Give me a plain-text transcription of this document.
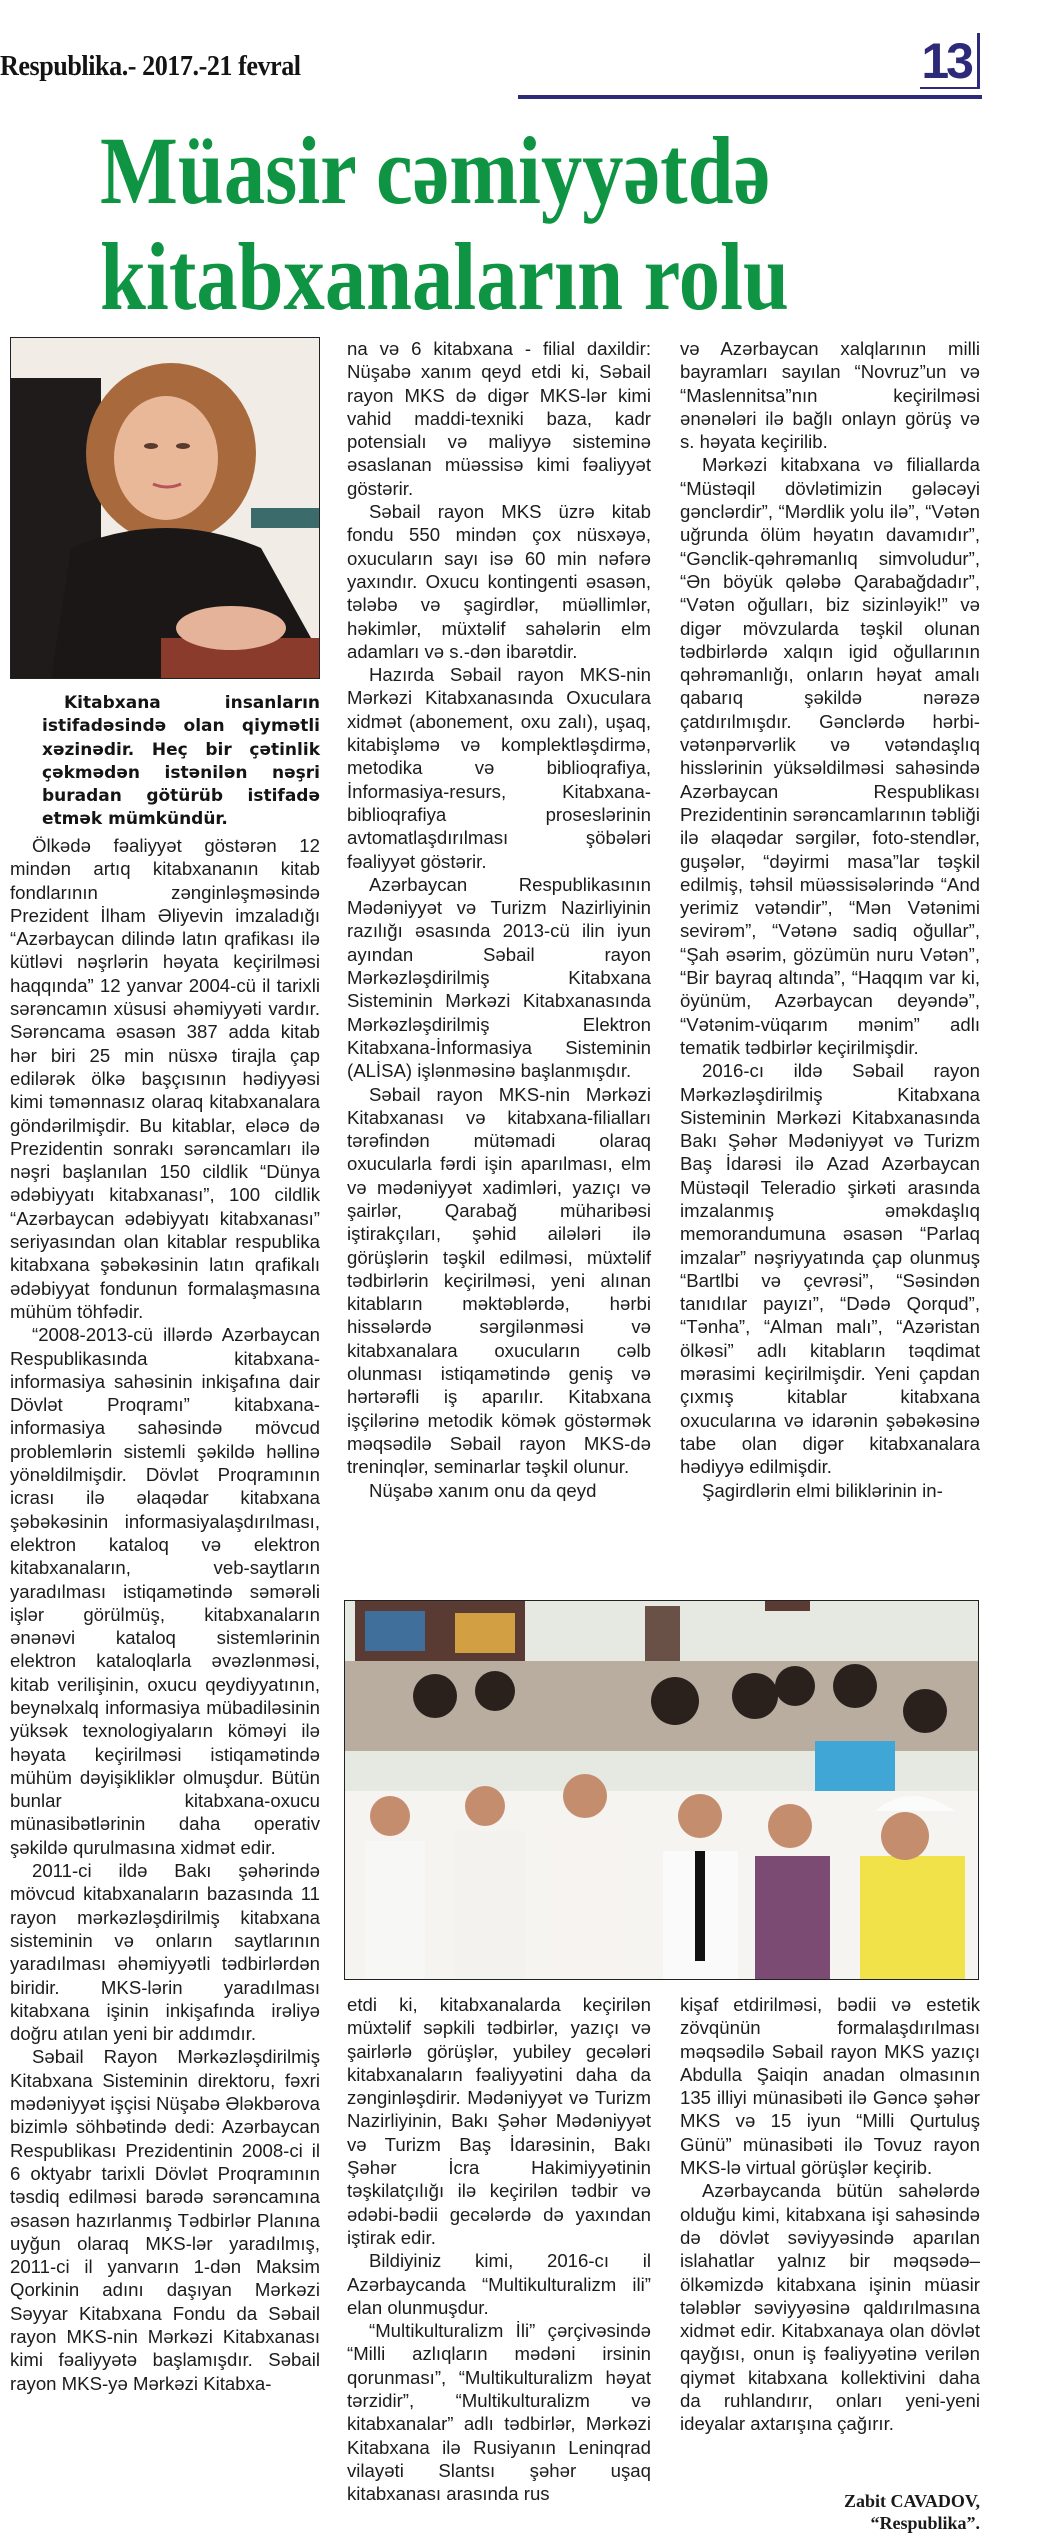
Respublika.- 2017.-21 fevral	13
Müasir cəmiyyətdə
kitabxanaların rolu
Kitabxana insanların istifadəsində olan qiymətli xəzinədir. Heç bir çətinlik çəkmədən istənilən nəşri buradan götürüb istifadə etmək mümkündür.

Ölkədə fəaliyyət göstərən 12 mindən artıq kitabxananın kitab fondlarının zənginləşməsində Prezident İlham Əliyevin imzaladığı “Azərbaycan dilində latın qrafikası ilə kütləvi nəşrlərin həyata keçirilməsi haqqında” 12 yanvar 2004-cü il tarixli sərəncamın xüsusi əhəmiyyəti vardır. Sərəncama əsasən 387 adda kitab hər biri 25 min nüsxə tirajla çap edilərək ölkə başçısının hədiyyəsi kimi təmənnasız olaraq kitabxanalara göndərilmişdir. Bu kitablar, eləcə də Prezidentin sonrakı sərəncamları ilə nəşri başlanılan 150 cildlik “Dünya ədəbiyyatı kitabxanası”, 100 cildlik “Azərbaycan ədəbiyyatı kitabxanası” seriyasından olan kitablar respublika kitabxana şəbəkəsinin latın qrafikalı ədəbiyyat fondunun formalaşmasına mühüm töhfədir.

“2008-2013-cü illərdə Azərbaycan Respublikasında kitabxana-informasiya sahəsinin inkişafına dair Dövlət Proqramı” kitabxana-informasiya sahəsində mövcud problemlərin sistemli şəkildə həllinə yönəldilmişdir. Dövlət Proqramının icrası ilə əlaqədar kitabxana şəbəkəsinin informasiyalaşdırılması, elektron kataloq və elektron kitabxanaların, veb-saytların yaradılması istiqamətində səmərəli işlər görülmüş, kitabxanaların ənənəvi kataloq sistemlərinin elektron kataloqlarla əvəzlənməsi, kitab verilişinin, oxucu qeydiyyatının, beynəlxalq informasiya mübadiləsinin yüksək texnologiyaların köməyi ilə həyata keçirilməsi istiqamətində mühüm dəyişikliklər olmuşdur. Bütün bunlar kitabxana-oxucu münasibətlərinin daha operativ şəkildə qurulmasına xidmət edir.

2011-ci ildə Bakı şəhərində mövcud kitabxanaların bazasında 11 rayon mərkəzləşdirilmiş kitabxana sisteminin və onların saytlarının yaradılması əhəmiyyətli tədbirlərdən biridir. MKS-lərin yaradılması kitabxana işinin inkişafında irəliyə doğru atılan yeni bir addımdır.

Səbail Rayon Mərkəzləşdirilmiş Kitabxana Sisteminin direktoru, fəxri mədəniyyət işçisi Nüşabə Ələkbərova bizimlə söhbətində dedi: Azərbaycan Respublikası Prezidentinin 2008-ci il 6 oktyabr tarixli Dövlət Proqramının təsdiq edilməsi barədə sərəncamına əsasən hazırlanmış Tədbirlər Planına uyğun olaraq MKS-lər yaradılmış, 2011-ci il yanvarın 1-dən Maksim Qorkinin adını daşıyan Mərkəzi Səyyar Kitabxana Fondu da Səbail rayon MKS-nin Mərkəzi Kitabxanası kimi fəaliyyətə başlamışdır. Səbail rayon MKS-yə Mərkəzi Kitabxa-

na və 6 kitabxana - filial daxildir: Nüşabə xanım qeyd etdi ki, Səbail rayon MKS də digər MKS-lər kimi vahid maddi-texniki baza, kadr potensialı və maliyyə sisteminə əsaslanan müəssisə kimi fəaliyyət göstərir.

Səbail rayon MKS üzrə kitab fondu 550 mindən çox nüsxəyə, oxucuların sayı isə 60 min nəfərə yaxındır. Oxucu kontingenti əsasən, tələbə və şagirdlər, müəllimlər, həkimlər, müxtəlif sahələrin elm adamları və s.-dən ibarətdir.

Hazırda Səbail rayon MKS-nin Mərkəzi Kitabxanasında Oxuculara xidmət (abonement, oxu zalı), uşaq, kitabişləmə və komplektləşdirmə, metodika və biblioqrafiya, İnformasiya-resurs, Kitabxana-biblioqrafiya proseslərinin avtomatlaşdırılması şöbələri fəaliyyət göstərir.

Azərbaycan Respublikasının Mədəniyyət və Turizm Nazirliyinin razılığı əsasında 2013-cü ilin iyun ayından Səbail rayon Mərkəzləşdirilmiş Kitabxana Sisteminin Mərkəzi Kitabxanasında Mərkəzləşdirilmiş Elektron Kitabxana-İnformasiya Sisteminin (ALİSA) işlənməsinə başlanmışdır.

Səbail rayon MKS-nin Mərkəzi Kitabxanası və kitabxana-filialları tərəfindən mütəmadi olaraq oxucularla fərdi işin aparılması, elm və mədəniyyət xadimləri, yazıçı və şairlər, Qarabağ müharibəsi iştirakçıları, şəhid ailələri ilə görüşlərin təşkil edilməsi, müxtəlif tədbirlərin keçirilməsi, yeni alınan kitabların məktəblərdə, hərbi hissələrdə sərgilənməsi və kitabxanalara oxucuların cəlb olunması istiqamətində geniş və hərtərəfli iş aparılır. Kitabxana işçilərinə metodik kömək göstərmək məqsədilə Səbail rayon MKS-də treninqlər, seminarlar təşkil olunur.

Nüşabə xanım onu da qeyd

və Azərbaycan xalqlarının milli bayramları sayılan “Novruz”un və “Maslennitsa”nın keçirilməsi ənənələri ilə bağlı onlayn görüş və s. həyata keçirilib.

Mərkəzi kitabxana və filiallarda “Müstəqil dövlətimizin gələcəyi gənclərdir”, “Mərdlik yolu ilə”, “Vətən uğrunda ölüm həyatın davamıdır”, “Gənclik-qəhrəmanlıq simvoludur”, “Ən böyük qələbə Qarabağdadır”, “Vətən oğulları, biz sizinləyik!” və digər mövzularda təşkil olunan tədbirlərdə xalqın igid oğullarının qəhrəmanlığı, onların həyat amalı qabarıq şəkildə nərəzə çatdırılmışdır. Gənclərdə hərbi-vətənpərvərlik və vətəndaşlıq hisslərinin yüksəldilməsi sahəsində Azərbaycan Respublikası Prezidentinin sərəncamlarının təbliği ilə əlaqədar sərgilər, foto-stendlər, guşələr, “dəyirmi masa”lar təşkil edilmiş, təhsil müəssisələrində “And yerimiz vətəndir”, “Mən Vətənimi sevirəm”, “Vətənə sadiq oğullar”, “Şah əsərim, gözümün nuru Vətən”, “Bir bayraq altında”, “Haqqım var ki, öyünüm, Azərbaycan deyəndə”, “Vətənim-vüqarım mənim” adlı tematik tədbirlər keçirilmişdir.

2016-cı ildə Səbail rayon Mərkəzləşdirilmiş Kitabxana Sisteminin Mərkəzi Kitabxanasında Bakı Şəhər Mədəniyyət və Turizm Baş İdarəsi ilə Azad Azərbaycan Müstəqil Teleradio şirkəti arasında imzalanmış əməkdaşlıq memorandumuna əsasən “Parlaq imzalar” nəşriyyatında çap olunmuş “Bartlbi və çevrəsi”, “Səsindən tanıdılar payızı”, “Dədə Qorqud”, “Tənha”, “Alman malı”, “Azəristan ölkəsi” adlı kitabların təqdimat mərasimi keçirilmişdir. Yeni çapdan çıxmış kitablar kitabxana oxucularına və idarənin şəbəkəsinə tabe olan digər kitabxanalara hədiyyə edilmişdir.

Şagirdlərin elmi biliklərinin in-

etdi ki, kitabxanalarda keçirilən müxtəlif səpkili tədbirlər, yazıçı və şairlərlə görüşlər, yubiley gecələri kitabxanaların fəaliyyətini daha da zənginləşdirir. Mədəniyyət və Turizm Nazirliyinin, Bakı Şəhər Mədəniyyət və Turizm Baş İdarəsinin, Bakı Şəhər İcra Hakimiyyətinin təşkilatçılığı ilə keçirilən tədbir və ədəbi-bədii gecələrdə də yaxından iştirak edir.

Bildiyiniz kimi, 2016-cı il Azərbaycanda “Multikulturalizm ili” elan olunmuşdur.

“Multikulturalizm İli” çərçivəsində “Milli azlıqların mədəni irsinin qorunması”, “Multikulturalizm həyat tərzidir”, “Multikulturalizm və kitabxanalar” adlı tədbirlər, Mərkəzi Kitabxana ilə Rusiyanın Leninqrad vilayəti Slantsı şəhər uşaq kitabxanası arasında rus

kişaf etdirilməsi, bədii və estetik zövqünün formalaşdırılması məqsədilə Səbail rayon MKS yazıçı Abdulla Şaiqin anadan olmasının 135 illiyi münasibəti ilə Gəncə şəhər MKS və 15 iyun “Milli Qurtuluş Günü” münasibəti ilə Tovuz rayon MKS-lə virtual görüşlər keçirib.

Azərbaycanda bütün sahələrdə olduğu kimi, kitabxana işi sahəsində də dövlət səviyyəsində aparılan islahatlar yalnız bir məqsədə–ölkəmizdə kitabxana işinin müasir tələblər səviyyəsinə qaldırılmasına xidmət edir. Kitabxanaya olan dövlət qayğısı, onun iş fəaliyyətinə verilən qiymət kitabxana kollektivini daha da ruhlandırır, onları yeni-yeni ideyalar axtarışına çağırır.

Zabit CAVADOV,
“Respublika”.
